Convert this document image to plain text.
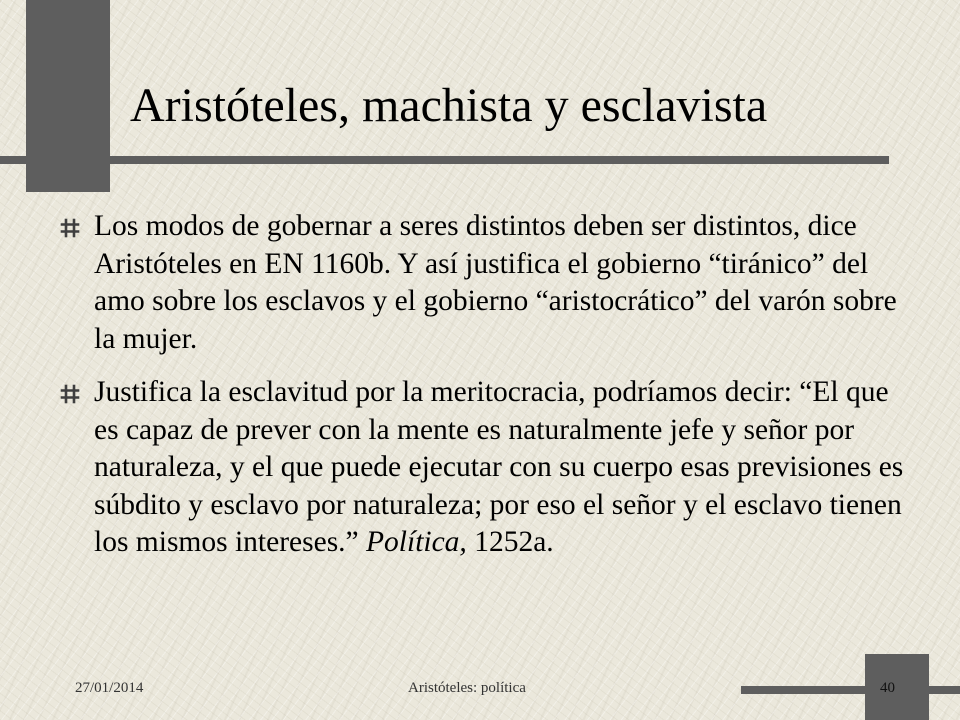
Aristóteles, machista y esclavista
Los modos de gobernar a seres distintos deben ser distintos, dice Aristóteles en EN 1160b. Y así justifica el gobierno “tiránico” del amo sobre los esclavos y el gobierno “aristocrático” del varón sobre la mujer.
Justifica la esclavitud por la meritocracia, podríamos decir: “El que es capaz de prever con la mente es naturalmente jefe y señor por naturaleza, y el que puede ejecutar con su cuerpo esas previsiones es súbdito y esclavo por naturaleza; por eso el señor y el esclavo tienen los mismos intereses.” Política, 1252a.
27/01/2014	Aristóteles: política	40
